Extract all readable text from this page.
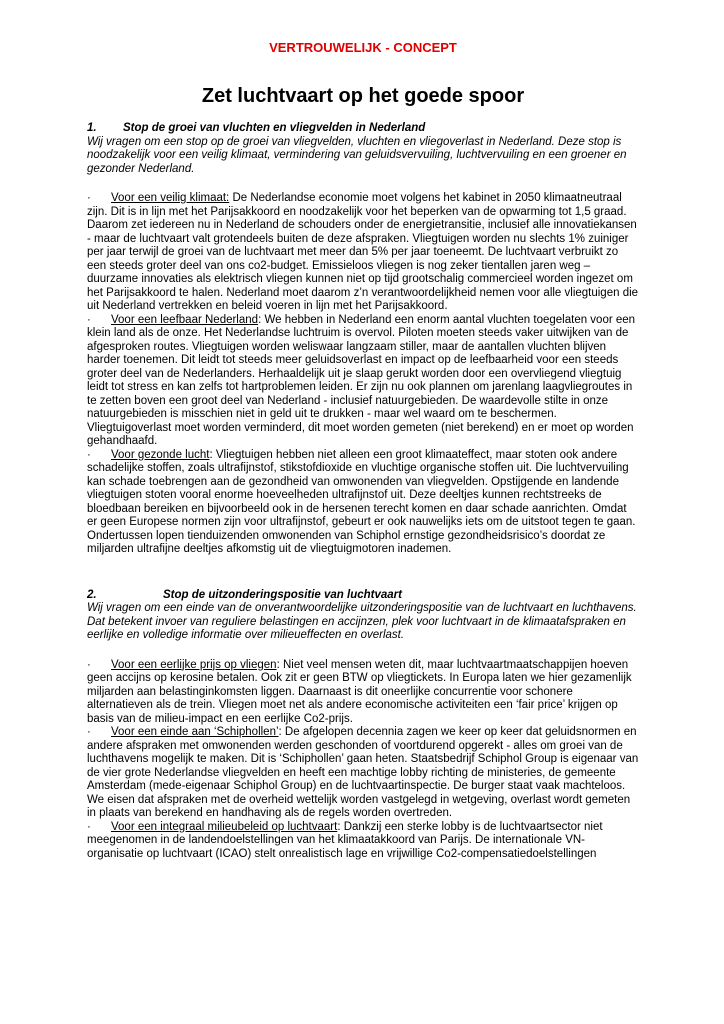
VERTROUWELIJK - CONCEPT

Zet luchtvaart op het goede spoor

1. Stop de groei van vluchten en vliegvelden in Nederland

Wij vragen om een stop op de groei van vliegvelden, vluchten en vliegoverlast in Nederland. Deze stop is noodzakelijk voor een veilig klimaat, vermindering van geluidsvervuiling, luchtvervuiling en een groener en gezonder Nederland.

· Voor een veilig klimaat: De Nederlandse economie moet volgens het kabinet in 2050 klimaatneutraal zijn. Dit is in lijn met het Parijsakkoord en noodzakelijk voor het beperken van de opwarming tot 1,5 graad. Daarom zet iedereen nu in Nederland de schouders onder de energietransitie, inclusief alle innovatiekansen - maar de luchtvaart valt grotendeels buiten de deze afspraken. Vliegtuigen worden nu slechts 1% zuiniger per jaar terwijl de groei van de luchtvaart met meer dan 5% per jaar toeneemt. De luchtvaart verbruikt zo een steeds groter deel van ons co2-budget. Emissieloos vliegen is nog zeker tientallen jaren weg – duurzame innovaties als elektrisch vliegen kunnen niet op tijd grootschalig commercieel worden ingezet om het Parijsakkoord te halen. Nederland moet daarom z’n verantwoordelijkheid nemen voor alle vliegtuigen die uit Nederland vertrekken en beleid voeren in lijn met het Parijsakkoord.

· Voor een leefbaar Nederland: We hebben in Nederland een enorm aantal vluchten toegelaten voor een klein land als de onze. Het Nederlandse luchtruim is overvol. Piloten moeten steeds vaker uitwijken van de afgesproken routes. Vliegtuigen worden weliswaar langzaam stiller, maar de aantallen vluchten blijven harder toenemen. Dit leidt tot steeds meer geluidsoverlast en impact op de leefbaarheid voor een steeds groter deel van de Nederlanders. Herhaaldelijk uit je slaap gerukt worden door een overvliegend vliegtuig leidt tot stress en kan zelfs tot hartproblemen leiden. Er zijn nu ook plannen om jarenlang laagvliegroutes in te zetten boven een groot deel van Nederland - inclusief natuurgebieden. De waardevolle stilte in onze natuurgebieden is misschien niet in geld uit te drukken - maar wel waard om te beschermen. Vliegtuigoverlast moet worden verminderd, dit moet worden gemeten (niet berekend) en er moet op worden gehandhaafd.

· Voor gezonde lucht: Vliegtuigen hebben niet alleen een groot klimaateffect, maar stoten ook andere schadelijke stoffen, zoals ultrafijnstof, stikstofdioxide en vluchtige organische stoffen uit. Die luchtvervuiling kan schade toebrengen aan de gezondheid van omwonenden van vliegvelden. Opstijgende en landende vliegtuigen stoten vooral enorme hoeveelheden ultrafijnstof uit. Deze deeltjes kunnen rechtstreeks de bloedbaan bereiken en bijvoorbeeld ook in de hersenen terecht komen en daar schade aanrichten. Omdat er geen Europese normen zijn voor ultrafijnstof, gebeurt er ook nauwelijks iets om de uitstoot tegen te gaan. Ondertussen lopen tienduizenden omwonenden van Schiphol ernstige gezondheidsrisico’s doordat ze miljarden ultrafijne deeltjes afkomstig uit de vliegtuigmotoren inademen.

2.	Stop de uitzonderingspositie van luchtvaart

Wij vragen om een einde van de onverantwoordelijke uitzonderingspositie van de luchtvaart en luchthavens. Dat betekent invoer van reguliere belastingen en accijnzen, plek voor luchtvaart in de klimaatafspraken en eerlijke en volledige informatie over milieueffecten en overlast.

· Voor een eerlijke prijs op vliegen: Niet veel mensen weten dit, maar luchtvaartmaatschappijen hoeven geen accijns op kerosine betalen. Ook zit er geen BTW op vliegtickets. In Europa laten we hier gezamenlijk miljarden aan belastinginkomsten liggen. Daarnaast is dit oneerlijke concurrentie voor schonere alternatieven als de trein. Vliegen moet net als andere economische activiteiten een ‘fair price’ krijgen op basis van de milieu-impact en een eerlijke Co2-prijs.

· Voor een einde aan ‘Schiphollen’: De afgelopen decennia zagen we keer op keer dat geluidsnormen en andere afspraken met omwonenden werden geschonden of voortdurend opgerekt - alles om groei van de luchthavens mogelijk te maken. Dit is ‘Schiphollen’ gaan heten. Staatsbedrijf Schiphol Group is eigenaar van de vier grote Nederlandse vliegvelden en heeft een machtige lobby richting de ministeries, de gemeente Amsterdam (mede-eigenaar Schiphol Group) en de luchtvaartinspectie. De burger staat vaak machteloos. We eisen dat afspraken met de overheid wettelijk worden vastgelegd in wetgeving, overlast wordt gemeten in plaats van berekend en handhaving als de regels worden overtreden.

· Voor een integraal milieubeleid op luchtvaart: Dankzij een sterke lobby is de luchtvaartsector niet meegenomen in de landendoelstellingen van het klimaatakkoord van Parijs. De internationale VN-organisatie op luchtvaart (ICAO) stelt onrealistisch lage en vrijwillige Co2-compensatiedoelstellingen
